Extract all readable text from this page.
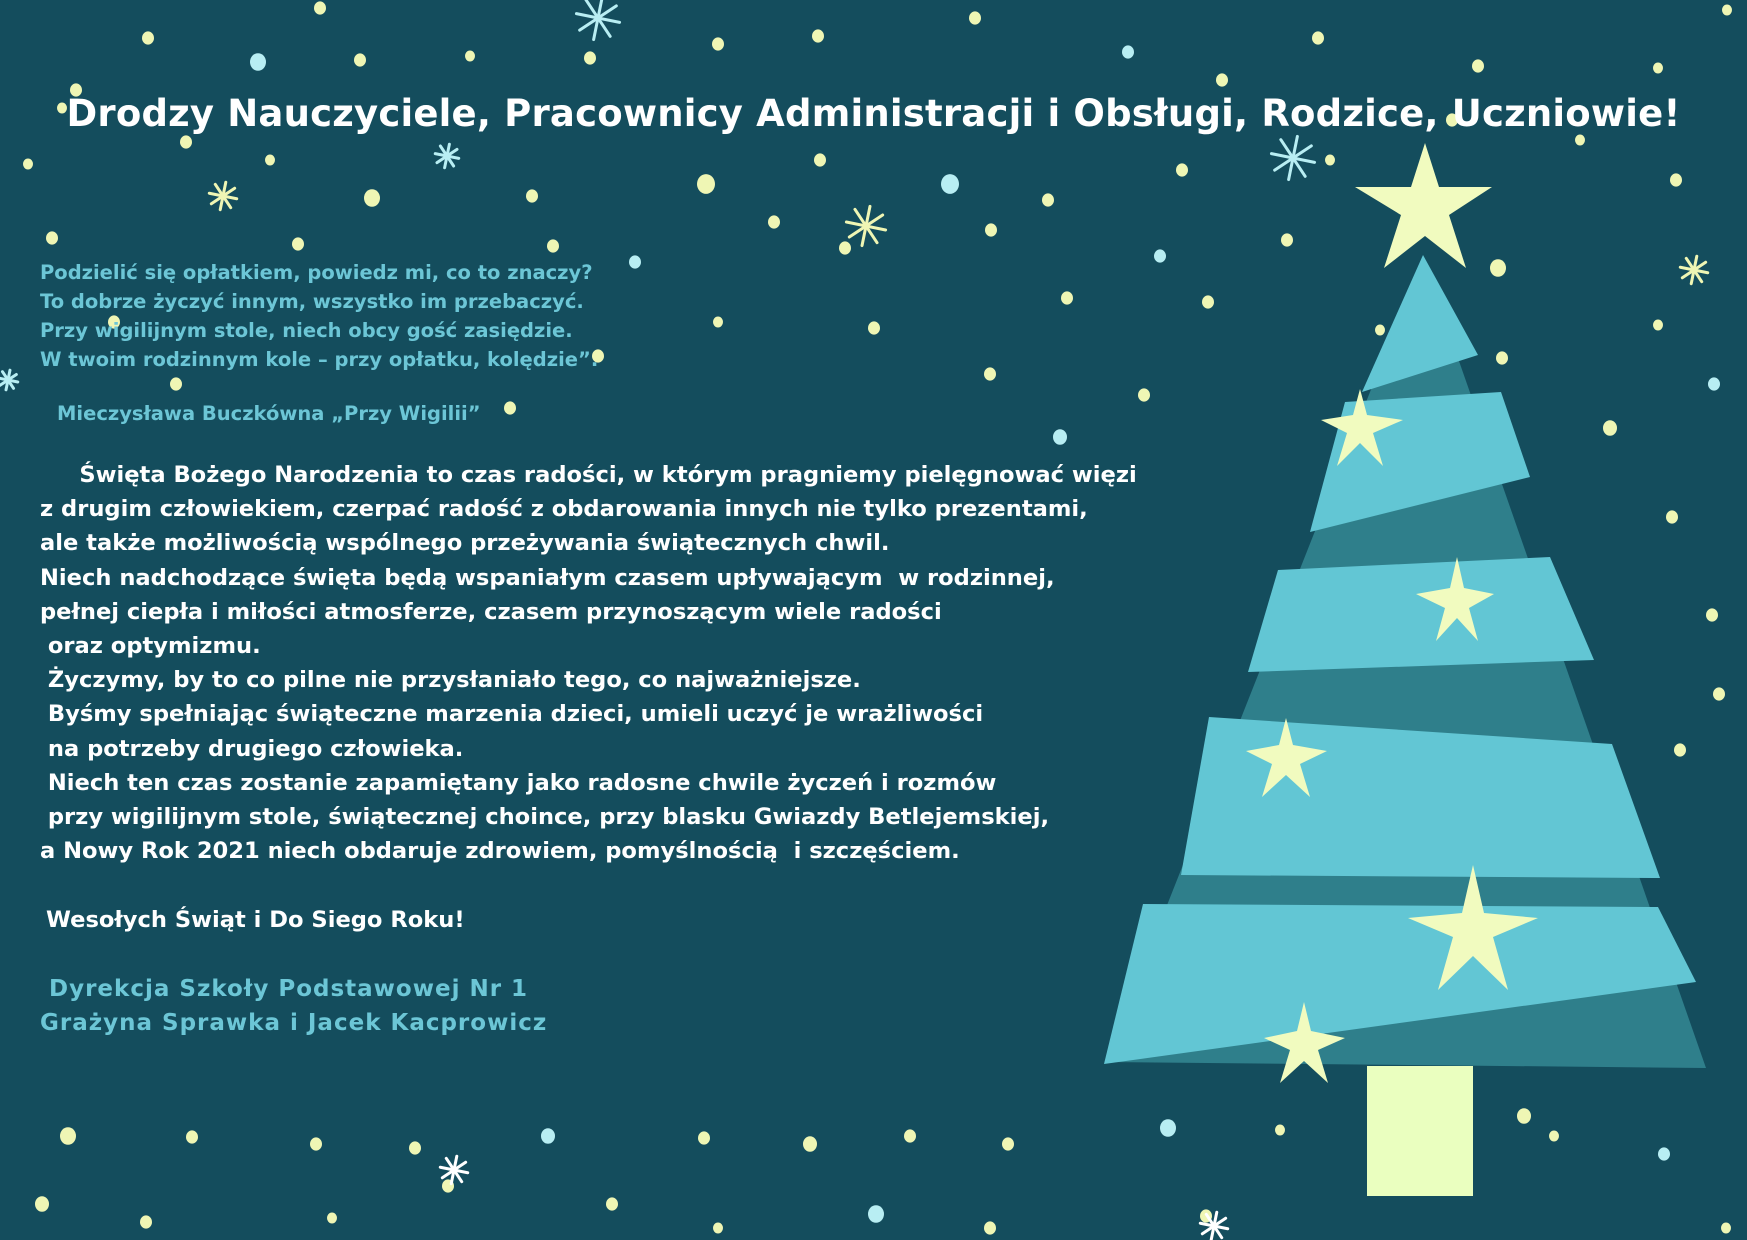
Drodzy Nauczyciele, Pracownicy Administracji i Obsługi, Rodzice, Uczniowie!
Podzielić się opłatkiem, powiedz mi, co to znaczy?
To dobrze życzyć innym, wszystko im przebaczyć.
Przy wigilijnym stole, niech obcy gość zasiędzie.
W twoim rodzinnym kole – przy opłatku, kolędzie”.
Mieczysława Buczkówna „Przy Wigilii”
Święta Bożego Narodzenia to czas radości, w którym pragniemy pielęgnować więzi
z drugim człowiekiem, czerpać radość z obdarowania innych nie tylko prezentami,
ale także możliwością wspólnego przeżywania świątecznych chwil.
Niech nadchodzące święta będą wspaniałym czasem upływającym  w rodzinnej,
pełnej ciepła i miłości atmosferze, czasem przynoszącym wiele radości
oraz optymizmu.
Życzymy, by to co pilne nie przysłaniało tego, co najważniejsze.
Byśmy spełniając świąteczne marzenia dzieci, umieli uczyć je wrażliwości
na potrzeby drugiego człowieka.
Niech ten czas zostanie zapamiętany jako radosne chwile życzeń i rozmów
przy wigilijnym stole, świątecznej choince, przy blasku Gwiazdy Betlejemskiej,
a Nowy Rok 2021 niech obdaruje zdrowiem, pomyślnością  i szczęściem.
Wesołych Świąt i Do Siego Roku!
Dyrekcja Szkoły Podstawowej Nr 1
Grażyna Sprawka i Jacek Kacprowicz
